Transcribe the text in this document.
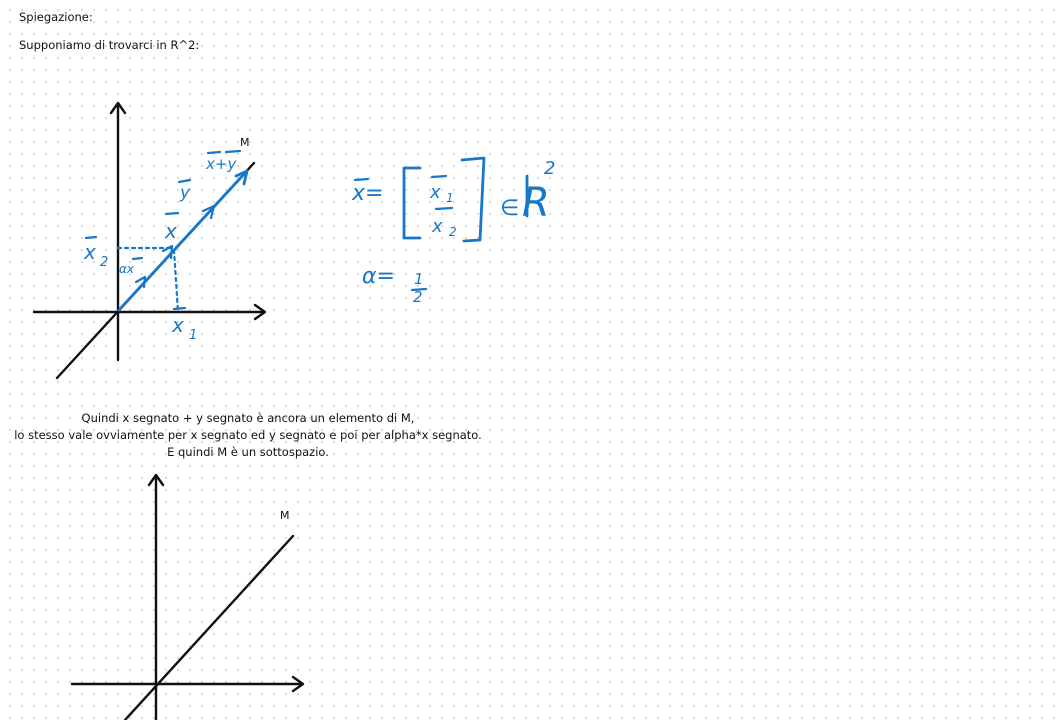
Spiegazione:
Supponiamo di trovarci in R^2:
M
x+y
y
x
x 2 αx
x 1
x=	x 1
x 2
∈ R
2
α= 1
2
M
Quindi x segnato + y segnato è ancora un elemento di M,
lo stesso vale ovviamente per x segnato ed y segnato e poi per alpha*x segnato.
E quindi M è un sottospazio.
